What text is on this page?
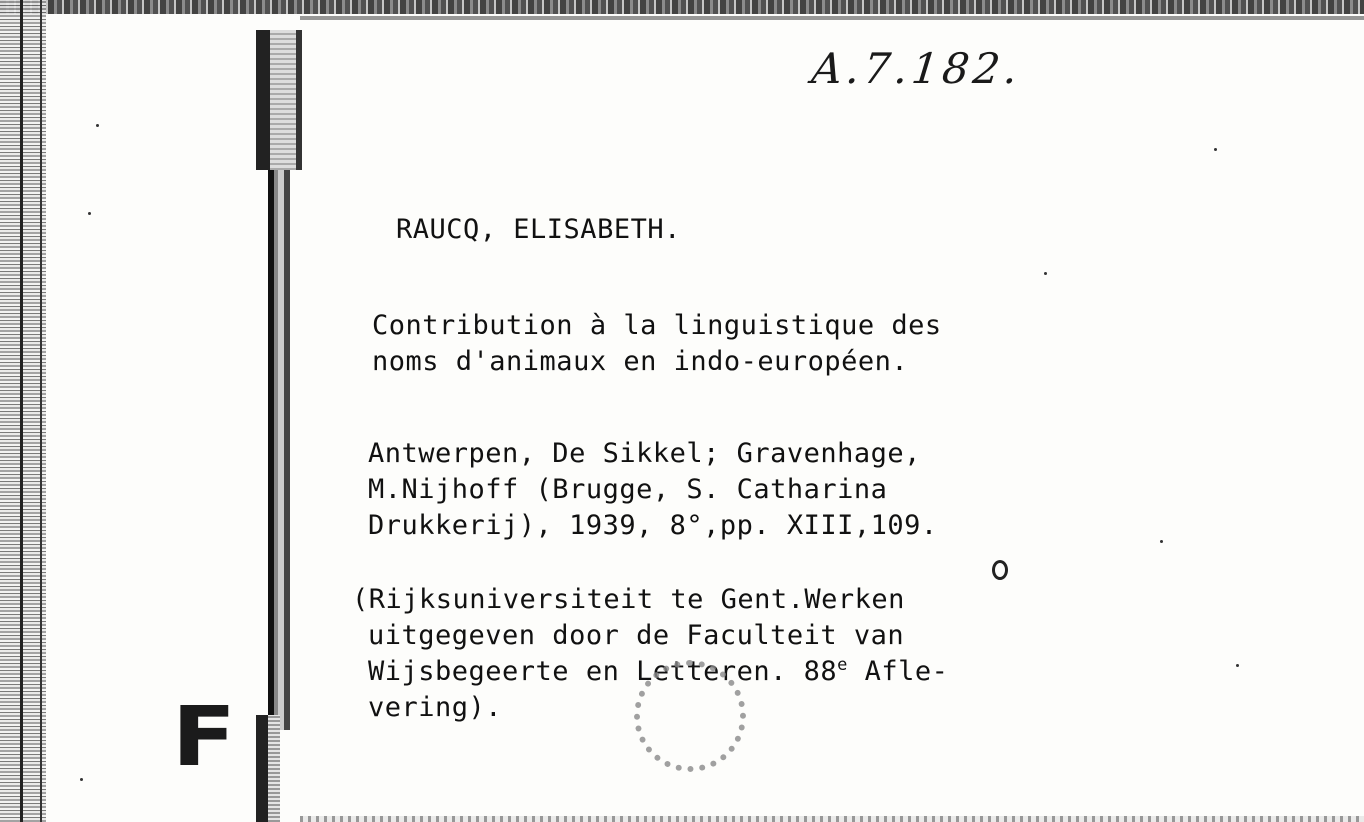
A.7.182.
RAUCQ, ELISABETH.
Contribution à la linguistique des
noms d'animaux en indo-européen.
Antwerpen, De Sikkel; Gravenhage,
M.Nijhoff (Brugge, S. Catharina
Drukkerij), 1939, 8°,pp. XIII,109.
(Rijksuniversiteit te Gent.Werken
uitgegeven door de Faculteit van
Wijsbegeerte en Letteren. 88e Afle-
vering).
F
